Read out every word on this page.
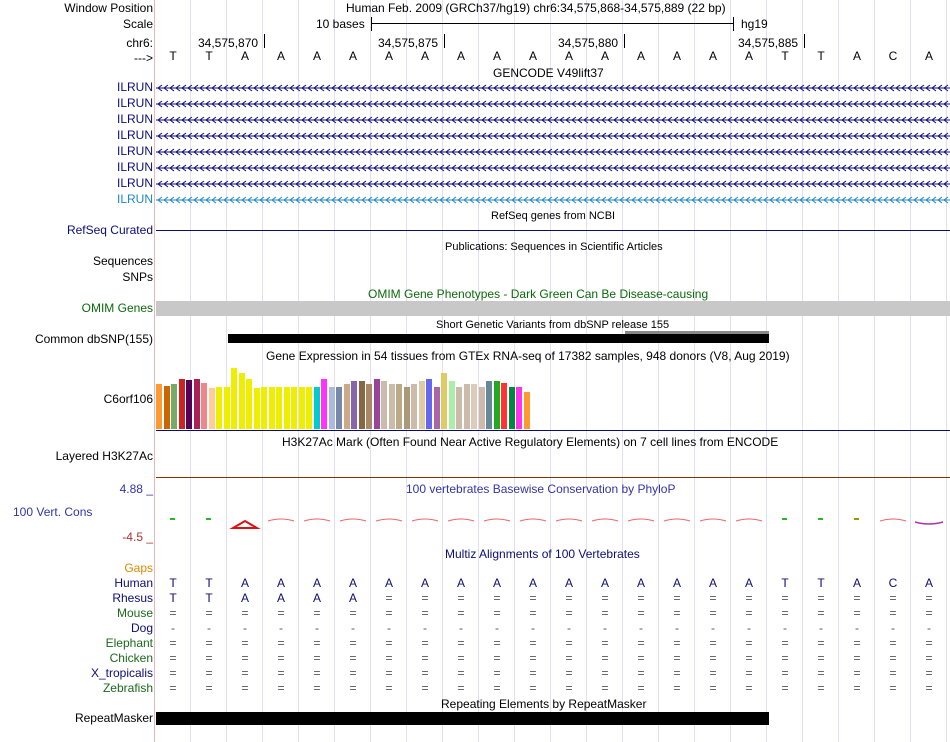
Window Position	Human Feb. 2009 (GRCh37/hg19) chr6:34,575,868-34,575,889 (22 bp)
Scale	10 bases	hg19
chr6:	34,575,870	34,575,875	34,575,880	34,575,885
--->	T	T	A	A	A	A	A	A	A	A	A	A	A	A	A	A	A	T	T	A	C	A
GENCODE V49lift37
ILRUN
ILRUN
ILRUN
ILRUN
ILRUN
ILRUN
ILRUN
ILRUN
RefSeq genes from NCBI
RefSeq Curated
Publications: Sequences in Scientific Articles
Sequences
SNPs
OMIM Gene Phenotypes - Dark Green Can Be Disease-causing
OMIM Genes
Short Genetic Variants from dbSNP release 155
Common dbSNP(155)
Gene Expression in 54 tissues from GTEx RNA-seq of 17382 samples, 948 donors (V8, Aug 2019)
C6orf106
H3K27Ac Mark (Often Found Near Active Regulatory Elements) on 7 cell lines from ENCODE
Layered H3K27Ac
100 vertebrates Basewise Conservation by PhyloP
4.88 _
100 Vert. Cons
-4.5 _
Multiz Alignments of 100 Vertebrates
Gaps
Human	T	T	A	A	A	A	A	A	A	A	A	A	A	A	A	A	A	T	T	A	C	A
Rhesus	T	T	A	A	A	A	=	=	=	=	=	=	=	=	=	=	=	=	=	=	=	=
Mouse	=	=	=	=	=	=	=	=	=	=	=	=	=	=	=	=	=	=	=	=	=	=
Dog	-	-	-	-	-	-	-	-	-	-	-	-	-	-	-	-	-	-	-	-	-	-
Elephant	=	=	=	=	=	=	=	=	=	=	=	=	=	=	=	=	=	=	=	=	=	=
Chicken	=	=	=	=	=	=	=	=	=	=	=	=	=	=	=	=	=	=	=	=	=	=
X_tropicalis	=	=	=	=	=	=	=	=	=	=	=	=	=	=	=	=	=	=	=	=	=	=
Zebrafish	=	=	=	=	=	=	=	=	=	=	=	=	=	=	=	=	=	=	=	=	=	=
Repeating Elements by RepeatMasker
RepeatMasker
